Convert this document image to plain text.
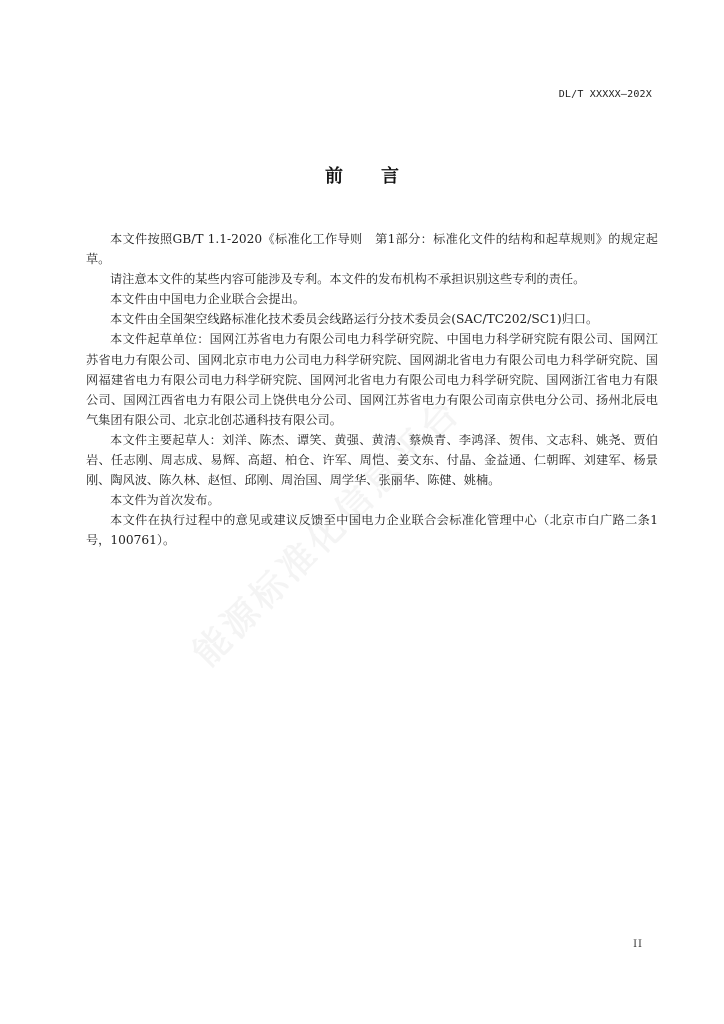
DL/T XXXXX—202X
前言

本文件按照GB/T 1.1-2020《标准化工作导则　第1部分：标准化文件的结构和起草规则》的规定起草。

请注意本文件的某些内容可能涉及专利。本文件的发布机构不承担识别这些专利的责任。

本文件由中国电力企业联合会提出。

本文件由全国架空线路标准化技术委员会线路运行分技术委员会(SAC/TC202/SC1)归口。

本文件起草单位：国网江苏省电力有限公司电力科学研究院、中国电力科学研究院有限公司、国网江苏省电力有限公司、国网北京市电力公司电力科学研究院、国网湖北省电力有限公司电力科学研究院、国网福建省电力有限公司电力科学研究院、国网河北省电力有限公司电力科学研究院、国网浙江省电力有限公司、国网江西省电力有限公司上饶供电分公司、国网江苏省电力有限公司南京供电分公司、扬州北辰电气集团有限公司、北京北创芯通科技有限公司。

本文件主要起草人：刘洋、陈杰、谭笑、黄强、黄清、蔡焕青、李鸿泽、贺伟、文志科、姚尧、贾伯岩、任志刚、周志成、易辉、高超、柏仓、许军、周恺、姜文东、付晶、金益通、仁朝晖、刘建军、杨景刚、陶风波、陈久林、赵恒、邱刚、周治国、周学华、张丽华、陈健、姚楠。

本文件为首次发布。

本文件在执行过程中的意见或建议反馈至中国电力企业联合会标准化管理中心（北京市白广路二条1号，100761）。

II
